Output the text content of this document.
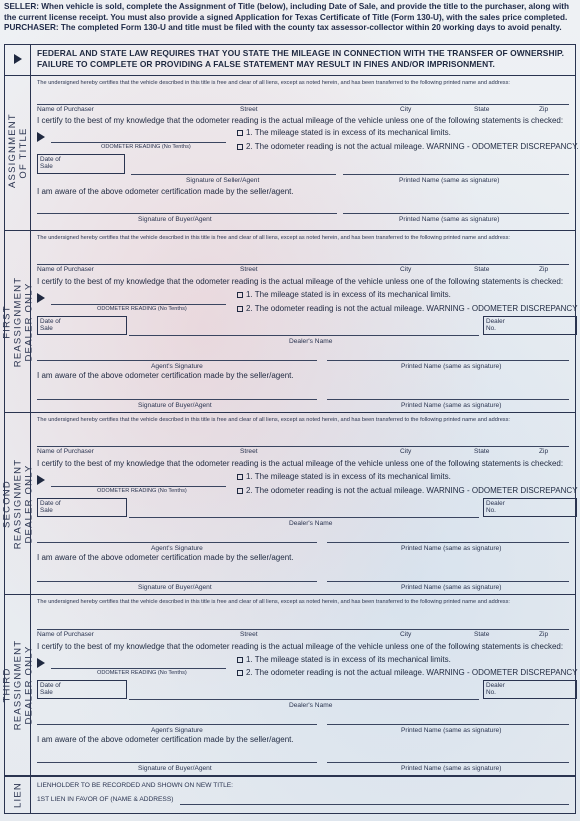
SELLER: When vehicle is sold, complete the Assignment of Title (below), including Date of Sale, and provide the title to the purchaser, along with the current license receipt. You must also provide a signed Application for Texas Certificate of Title (Form 130-U), with the sales price completed.

PURCHASER: The completed Form 130-U and title must be filed with the county tax assessor-collector within 20 working days to avoid penalty.

FEDERAL AND STATE LAW REQUIRES THAT YOU STATE THE MILEAGE IN CONNECTION WITH THE TRANSFER OF OWNERSHIP. FAILURE TO COMPLETE OR PROVIDING A FALSE STATEMENT MAY RESULT IN FINES AND/OR IMPRISONMENT.
ASSIGNMENT OF TITLE
The undersigned hereby certifies that the vehicle described in this title is free and clear of all liens, except as noted herein, and has been transferred to the following printed name and address:
Name of Purchaser	Street	City	State	Zip
I certify to the best of my knowledge that the odometer reading is the actual mileage of the vehicle unless one of the following statements is checked:
ODOMETER READING (No Tenths)
1. The mileage stated is in excess of its mechanical limits.
2. The odometer reading is not the actual mileage. WARNING - ODOMETER DISCREPANCY.
Date of Sale
Signature of Seller/Agent	Printed Name (same as signature)
I am aware of the above odometer certification made by the seller/agent.
Signature of Buyer/Agent	Printed Name (same as signature)
FIRST REASSIGNMENT DEALER ONLY
The undersigned hereby certifies that the vehicle described in this title is free and clear of all liens, except as noted herein, and has been transferred to the following printed name and address:
Name of Purchaser	Street	City	State	Zip
I certify to the best of my knowledge that the odometer reading is the actual mileage of the vehicle unless one of the following statements is checked:
ODOMETER READING (No Tenths)
1. The mileage stated is in excess of its mechanical limits.
2. The odometer reading is not the actual mileage. WARNING - ODOMETER DISCREPANCY
Date of Sale
Dealer No.
Dealer's Name
Agent's Signature	Printed Name (same as signature)
I am aware of the above odometer certification made by the seller/agent.
Signature of Buyer/Agent	Printed Name (same as signature)
SECOND REASSIGNMENT DEALER ONLY
The undersigned hereby certifies that the vehicle described in this title is free and clear of all liens, except as noted herein, and has been transferred to the following printed name and address:
Name of Purchaser	Street	City	State	Zip
I certify to the best of my knowledge that the odometer reading is the actual mileage of the vehicle unless one of the following statements is checked:
ODOMETER READING (No Tenths)
1. The mileage stated is in excess of its mechanical limits.
2. The odometer reading is not the actual mileage. WARNING - ODOMETER DISCREPANCY
Date of Sale
Dealer No.
Dealer's Name
Agent's Signature	Printed Name (same as signature)
I am aware of the above odometer certification made by the seller/agent.
Signature of Buyer/Agent	Printed Name (same as signature)
THIRD REASSIGNMENT DEALER ONLY
The undersigned hereby certifies that the vehicle described in this title is free and clear of all liens, except as noted herein, and has been transferred to the following printed name and address:
Name of Purchaser	Street	City	State	Zip
I certify to the best of my knowledge that the odometer reading is the actual mileage of the vehicle unless one of the following statements is checked:
ODOMETER READING (No Tenths)
1. The mileage stated is in excess of its mechanical limits.
2. The odometer reading is not the actual mileage. WARNING - ODOMETER DISCREPANCY
Date of Sale
Dealer No.
Dealer's Name
Agent's Signature	Printed Name (same as signature)
I am aware of the above odometer certification made by the seller/agent.
Signature of Buyer/Agent	Printed Name (same as signature)
LIEN LIENHOLDER TO BE RECORDED AND SHOWN ON NEW TITLE:
1ST LIEN IN FAVOR OF (NAME & ADDRESS)
